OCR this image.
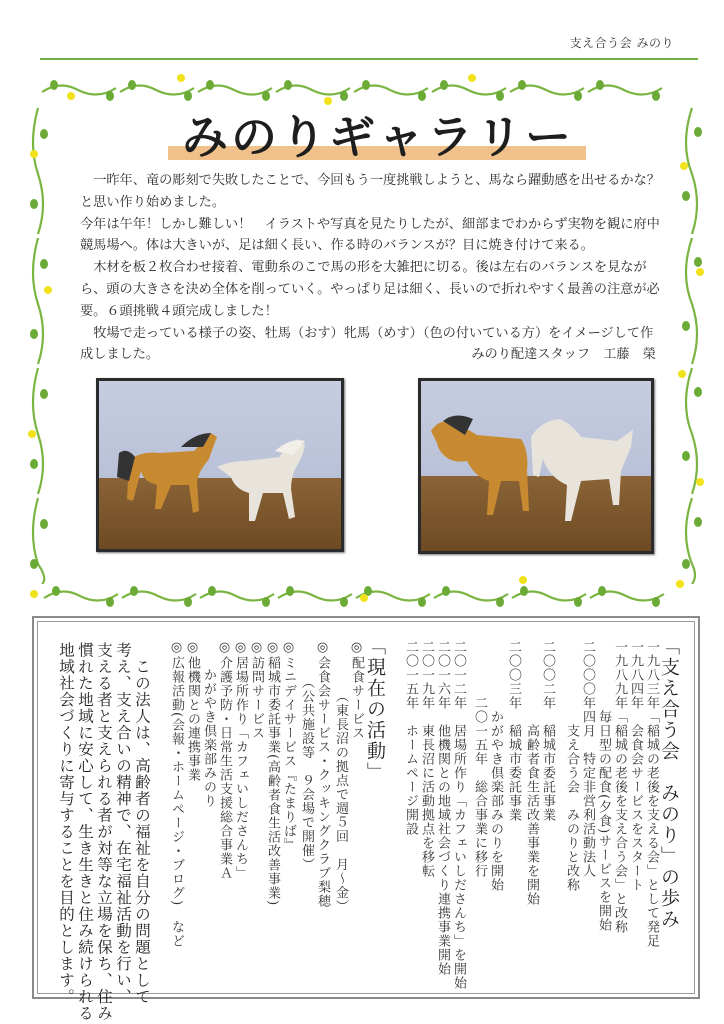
支え合う会 みのり
みのりギャラリー

一昨年、竜の彫刻で失敗したことで、今回もう一度挑戦しようと、馬なら躍動感を出せるかな？と思い作り始めました。

今年は午年！しかし難しい！　イラストや写真を見たりしたが、細部までわからず実物を観に府中競馬場へ。体は大きいが、足は細く長い、作る時のバランスが？目に焼き付けて来る。

木材を板２枚合わせ接着、電動糸のこで馬の形を大雑把に切る。後は左右のバランスを見ながら、頭の大きさを決め全体を削っていく。やっぱり足は細く、長いので折れやすく最善の注意が必要。６頭挑戦４頭完成しました！

牧場で走っている様子の姿、牡馬（おす）牝馬（めす）（色の付いている方）をイメージして作成しました。	みのり配達スタッフ　工藤　榮

「支え合う会　みのり」の歩み
一九八三年「稲城の老後を支える会」として発足
一九八四年　会食会サービスをスタート
一九八九年「稲城の老後を支え合う会」と改称
　　　　　毎日型の配食(夕食)サービスを開始
二〇〇〇年四月　特定非営利活動法人
　　　　　　支え合う会　みのりと改称
二〇〇二年　稲城市委託事業
　　　　　　高齢者食生活改善事業を開始
二〇〇三年　稲城市委託事業
　　　　　かがやき倶楽部みのりを開始
　　　　二〇一五年　総合事業に移行
二〇一二年　居場所作り「カフェいしださんち」を開始
二〇一六年　他機関との地域社会づくり連携事業開始
二〇一九年　東長沼に活動拠点を移転
二〇一五年　ホームページ開設
「現在の活動」
◎配食サービス
　　　　（東長沼の拠点で週５回　月〜金）
◎会食会サービス・クッキングクラブ梨穂
　　　（公共施設等　９会場で開催）
◎ミニデイサービス『たまりば』
◎稲城市委託事業(高齢者食生活改善事業)
◎訪問サービス
◎居場所作り「カフェいしださんち」
◎介護予防・日常生活支援総合事業Ａ
　　かがやき倶楽部みのり
◎他機関との連携事業
◎広報活動(会報・ホームページ・ブログ)　など
　この法人は、高齢者の福祉を自分の問題として
考え、支え合いの精神で、在宅福祉活動を行い、
支える者と支えられる者が対等な立場を保ち、住み
慣れた地域に安心して、生き生きと住み続けられる
地域社会づくりに寄与することを目的とします。
